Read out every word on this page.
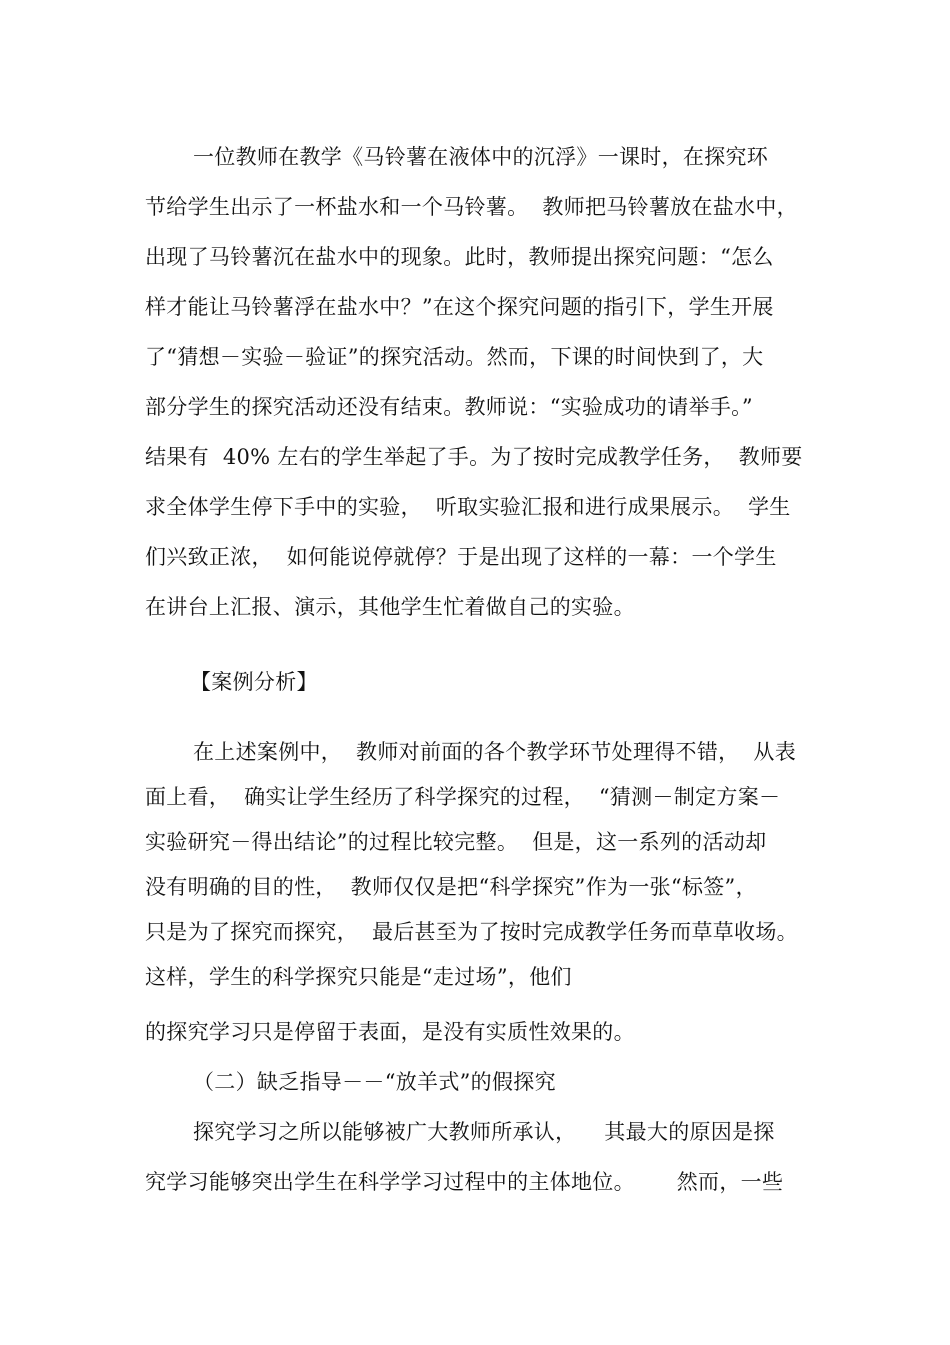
一位教师在教学《马铃薯在液体中的沉浮》一课时，在探究环
节给学生出示了一杯盐水和一个马铃薯。  教师把马铃薯放在盐水中，
出现了马铃薯沉在盐水中的现象。此时，教师提出探究问题：“怎么
样才能让马铃薯浮在盐水中？”在这个探究问题的指引下，学生开展
了“猜想－实验－验证”的探究活动。然而，下课的时间快到了，大
部分学生的探究活动还没有结束。教师说：“实验成功的请举手。”
结果有  40% 左右的学生举起了手。为了按时完成教学任务，  教师要
求全体学生停下手中的实验，  听取实验汇报和进行成果展示。  学生
们兴致正浓，  如何能说停就停？于是出现了这样的一幕：一个学生
在讲台上汇报、演示，其他学生忙着做自己的实验。
【案例分析】
在上述案例中，  教师对前面的各个教学环节处理得不错，  从表
面上看，  确实让学生经历了科学探究的过程，  “猜测－制定方案－
实验研究－得出结论”的过程比较完整。  但是，这一系列的活动却
没有明确的目的性，  教师仅仅是把“科学探究”作为一张“标签”，
只是为了探究而探究，  最后甚至为了按时完成教学任务而草草收场。
这样，学生的科学探究只能是“走过场”，他们
的探究学习只是停留于表面，是没有实质性效果的。
（二）缺乏指导－－“放羊式”的假探究
探究学习之所以能够被广大教师所承认，    其最大的原因是探
究学习能够突出学生在科学学习过程中的主体地位。      然而，一些
